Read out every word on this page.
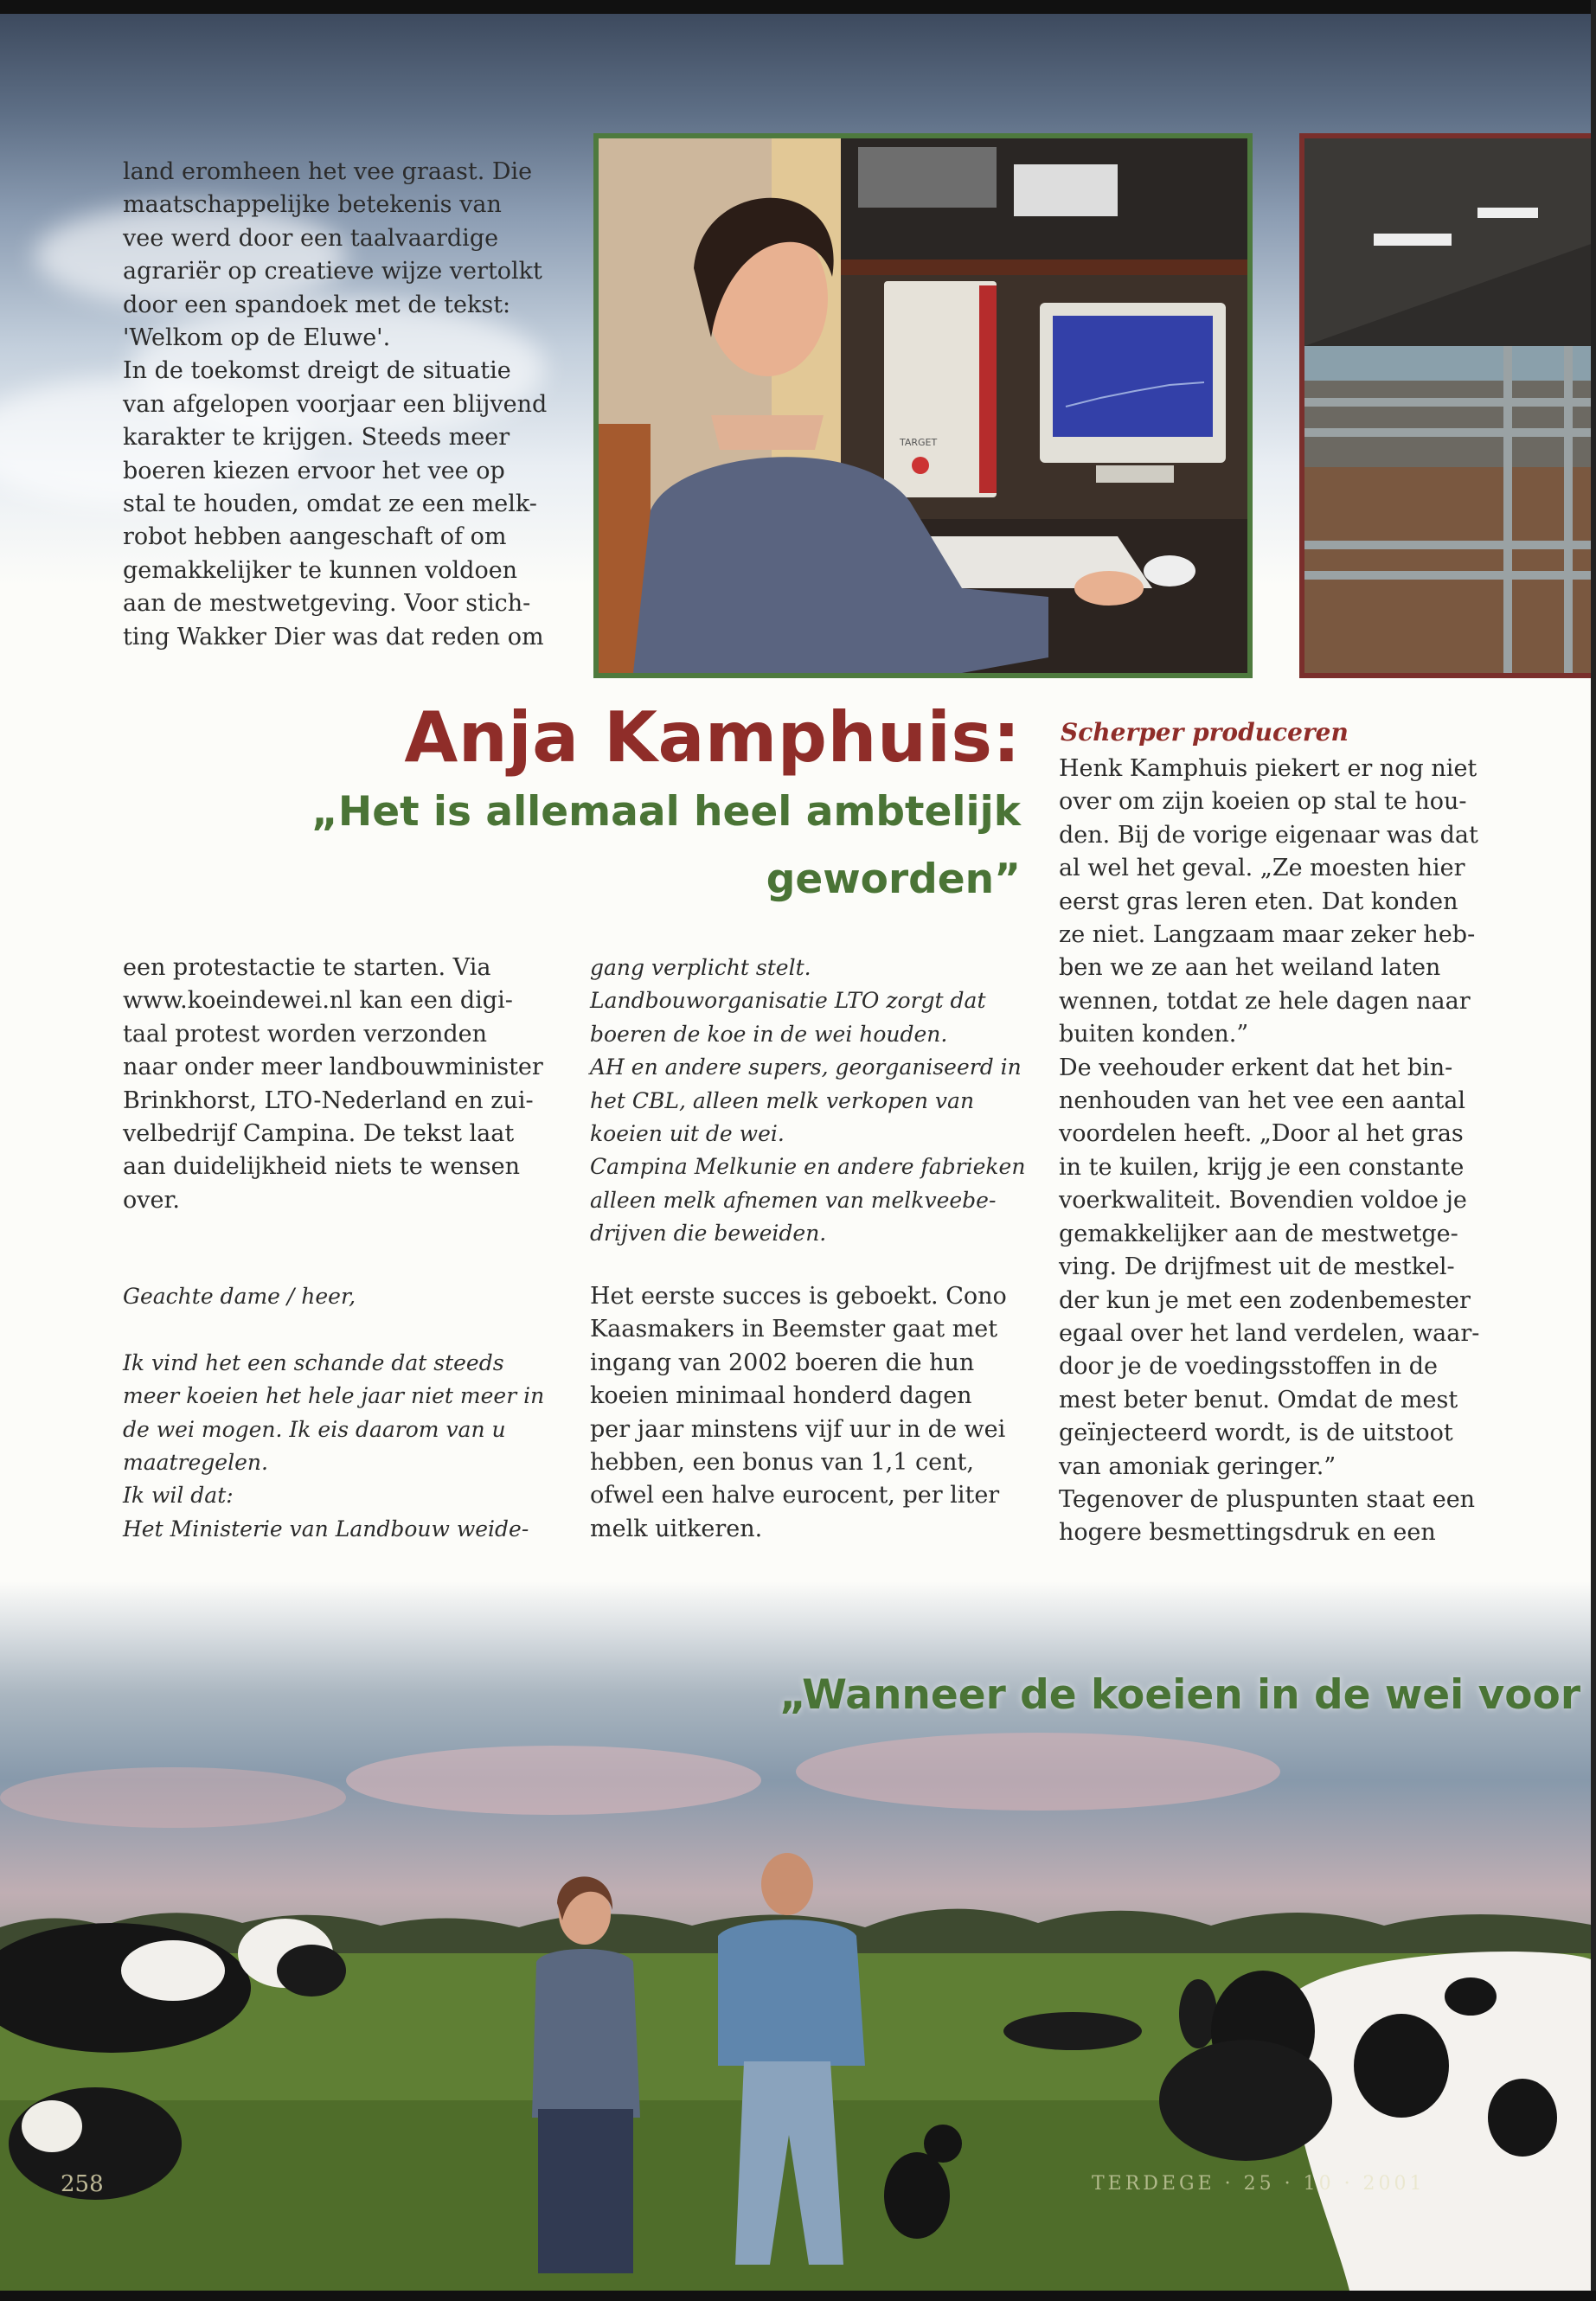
land eromheen het vee graast. Die

maatschappelijke betekenis van

vee werd door een taalvaardige

agrariër op creatieve wijze vertolkt

door een spandoek met de tekst:

'Welkom op de Eluwe'.

In de toekomst dreigt de situatie

van afgelopen voorjaar een blijvend

karakter te krijgen. Steeds meer

boeren kiezen ervoor het vee op

stal te houden, omdat ze een melk-

robot hebben aangeschaft of om

gemakkelijker te kunnen voldoen

aan de mestwetgeving. Voor stich-

ting Wakker Dier was dat reden om

TARGET
Anja Kamphuis:
„Het is allemaal heel ambtelijk
geworden”

een protestactie te starten. Via

www.koeindewei.nl kan een digi-

taal protest worden verzonden

naar onder meer landbouwminister

Brinkhorst, LTO-Nederland en zui-

velbedrijf Campina. De tekst laat

aan duidelijkheid niets te wensen

over.

Geachte dame / heer,

Ik vind het een schande dat steeds

meer koeien het hele jaar niet meer in

de wei mogen. Ik eis daarom van u

maatregelen.

Ik wil dat:

Het Ministerie van Landbouw weide-

gang verplicht stelt.

Landbouworganisatie LTO zorgt dat

boeren de koe in de wei houden.

AH en andere supers, georganiseerd in

het CBL, alleen melk verkopen van

koeien uit de wei.

Campina Melkunie en andere fabrieken

alleen melk afnemen van melkveebe-

drijven die beweiden.

Het eerste succes is geboekt. Cono

Kaasmakers in Beemster gaat met

ingang van 2002 boeren die hun

koeien minimaal honderd dagen

per jaar minstens vijf uur in de wei

hebben, een bonus van 1,1 cent,

ofwel een halve eurocent, per liter

melk uitkeren.

Scherper produceren

Henk Kamphuis piekert er nog niet

over om zijn koeien op stal te hou-

den. Bij de vorige eigenaar was dat

al wel het geval. „Ze moesten hier

eerst gras leren eten. Dat konden

ze niet. Langzaam maar zeker heb-

ben we ze aan het weiland laten

wennen, totdat ze hele dagen naar

buiten konden.”

De veehouder erkent dat het bin-

nenhouden van het vee een aantal

voordelen heeft. „Door al het gras

in te kuilen, krijg je een constante

voerkwaliteit. Bovendien voldoe je

gemakkelijker aan de mestwetge-

ving. De drijfmest uit de mestkel-

der kun je met een zodenbemester

egaal over het land verdelen, waar-

door je de voedingsstoffen in de

mest beter benut. Omdat de mest

geïnjecteerd wordt, is de uitstoot

van amoniak geringer.”

Tegenover de pluspunten staat een

hogere besmettingsdruk en een

„Wanneer de koeien in de wei voor
258	TERDEGE · 25 · 10 · 2001
